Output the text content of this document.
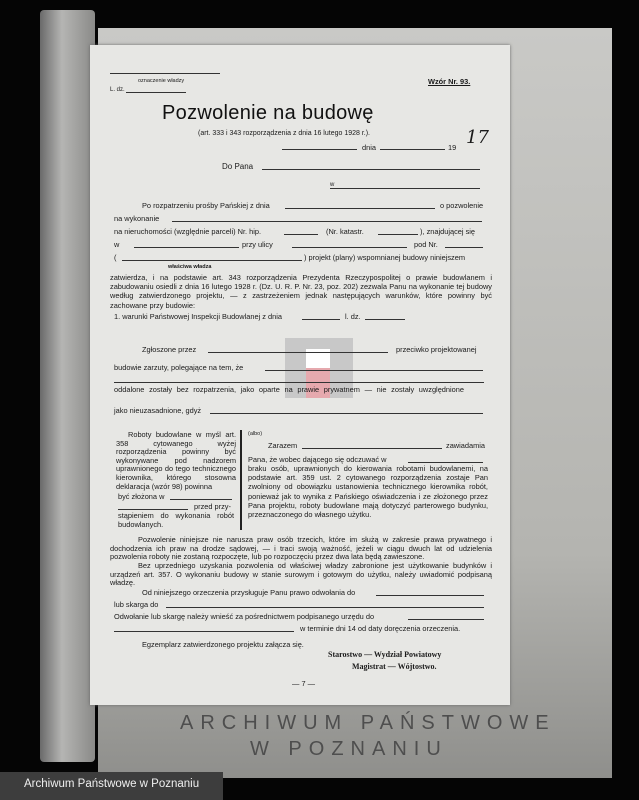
oznaczenie władzy
L. dz.
Wzór Nr. 93.
Pozwolenie na budowę
(art. 333 i 343 rozporządzenia z dnia 16 lutego 1928 r.).
dnia	19 17
Do Pana
w
Po rozpatrzeniu prośby Pańskiej z dnia	o pozwolenie
na wykonanie
na nieruchomości (względnie parceli) Nr. hip.	(Nr. katastr.	), znajdującej się
w	przy ulicy	pod Nr.
(	) projekt (plany) wspomnianej budowy niniejszem
właściwa władza
zatwierdza, i na podstawie art. 343 rozporządzenia Prezydenta Rzeczypospolitej o prawie budowlanem i zabudowaniu osiedli z dnia 16 lutego 1928 r. (Dz. U. R. P. Nr. 23, poz. 202) zezwala Panu na wykonanie tej budowy według zatwierdzonego projektu, — z zastrzeżeniem jednak następujących warunków, które powinny być zachowane przy budowie:
1. warunki Państwowej Inspekcji Budowlanej z dnia	l. dz.
Zgłoszone przez	przeciwko projektowanej
budowie zarzuty, polegające na tem, że
oddalone zostały bez rozpatrzenia, jako oparte na prawie prywatnem — nie zostały uwzględnione
jako nieuzasadnione, gdyż
Roboty budowlane w myśl art. 358 cytowanego wyżej rozporządzenia powinny być wykonywane pod nadzorem uprawnionego do tego technicznego kierownika, którego stosowna deklaracja (wzór 98) powinna
być złożona w
przed przy-
stąpieniem do wykonania robót budowlanych.
(albo)
Zarazem	zawiadamia
Pana, że wobec dającego się odczuwać w
braku osób, uprawnionych do kierowania robotami budowlanemi, na podstawie art. 359 ust. 2 cytowanego rozporządzenia zostaje Pan zwolniony od obowiązku ustanowienia technicznego kierownika robót, ponieważ jak to wynika z Pańskiego oświadczenia i ze złożonego przez Pana projektu, roboty budowlane mają dotyczyć parterowego budynku, przeznaczonego do własnego użytku.
Pozwolenie niniejsze nie narusza praw osób trzecich, które im służą w zakresie prawa prywatnego i dochodzenia ich praw na drodze sądowej, — i traci swoją ważność, jeżeli w ciągu dwuch lat od udzielenia pozwolenia roboty nie zostaną rozpoczęte, lub po rozpoczęciu przez dwa lata będą zawieszone.
Bez uprzedniego uzyskania pozwolenia od właściwej władzy zabronione jest użytkowanie budynków i urządzeń art. 357. O wykonaniu budowy w stanie surowym i gotowym do użytku, należy uwiadomić podpisaną władzę.
Od niniejszego orzeczenia przysługuje Panu prawo odwołania do
lub skarga do
Odwołanie lub skargę należy wnieść za pośrednictwem podpisanego urzędu do
w terminie dni 14 od daty doręczenia orzeczenia.
Egzemplarz zatwierdzonego projektu załącza się.
Starostwo — Wydział Powiatowy
Magistrat — Wójtostwo.
— 7 —
ARCHIWUM PAŃSTWOWE
W POZNANIU
Archiwum Państwowe w Poznaniu
